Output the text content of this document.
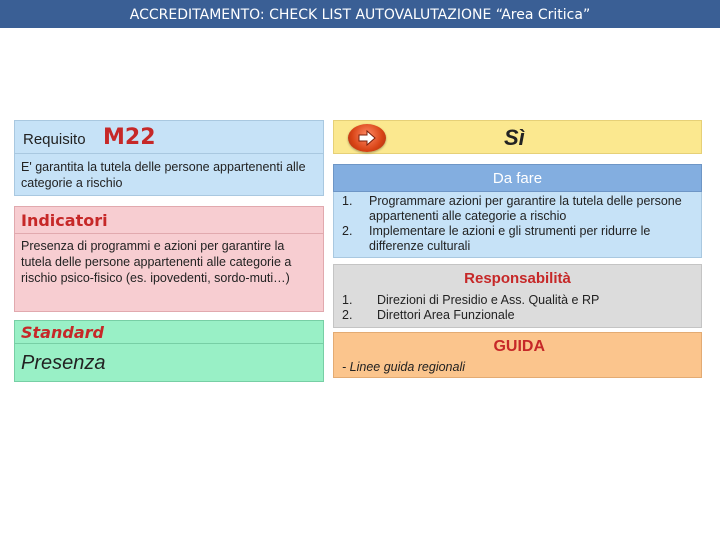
ACCREDITAMENTO: CHECK LIST AUTOVALUTAZIONE “Area Critica”
Requisito M22
E' garantita la tutela delle persone appartenenti alle categorie a rischio
Indicatori
Presenza di programmi e azioni per garantire la tutela delle persone appartenenti alle categorie a rischio psico-fisico (es. ipovedenti, sordo-muti…)
Standard
Presenza
Sì
Da fare
1. Programmare azioni per garantire la tutela delle persone appartenenti alle categorie a rischio
2. Implementare le azioni e gli strumenti per ridurre le differenze culturali
Responsabilità
1. Direzioni di Presidio e Ass. Qualità e RP
2. Direttori Area Funzionale
GUIDA
- Linee guida regionali
